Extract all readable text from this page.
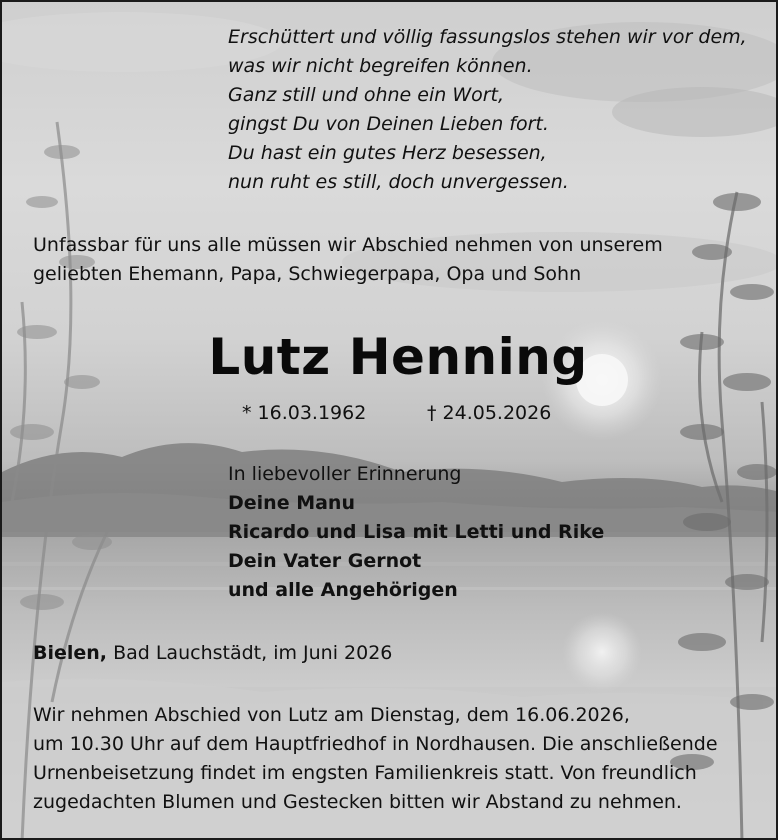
Erschüttert und völlig fassungslos stehen wir vor dem,
was wir nicht begreifen können.
Ganz still und ohne ein Wort,
gingst Du von Deinen Lieben fort.
Du hast ein gutes Herz besessen,
nun ruht es still, doch unvergessen.
Unfassbar für uns alle müssen wir Abschied nehmen von unserem
geliebten Ehemann, Papa, Schwiegerpapa, Opa und Sohn
Lutz Henning
* 16.03.1962	† 24.05.2026
In liebevoller Erinnerung
Deine Manu
Ricardo und Lisa mit Letti und Rike
Dein Vater Gernot
und alle Angehörigen
Bielen, Bad Lauchstädt, im Juni 2026
Wir nehmen Abschied von Lutz am Dienstag, dem 16.06.2026,
um 10.30 Uhr auf dem Hauptfriedhof in Nordhausen. Die anschließende
Urnenbeisetzung findet im engsten Familienkreis statt. Von freundlich
zugedachten Blumen und Gestecken bitten wir Abstand zu nehmen.
